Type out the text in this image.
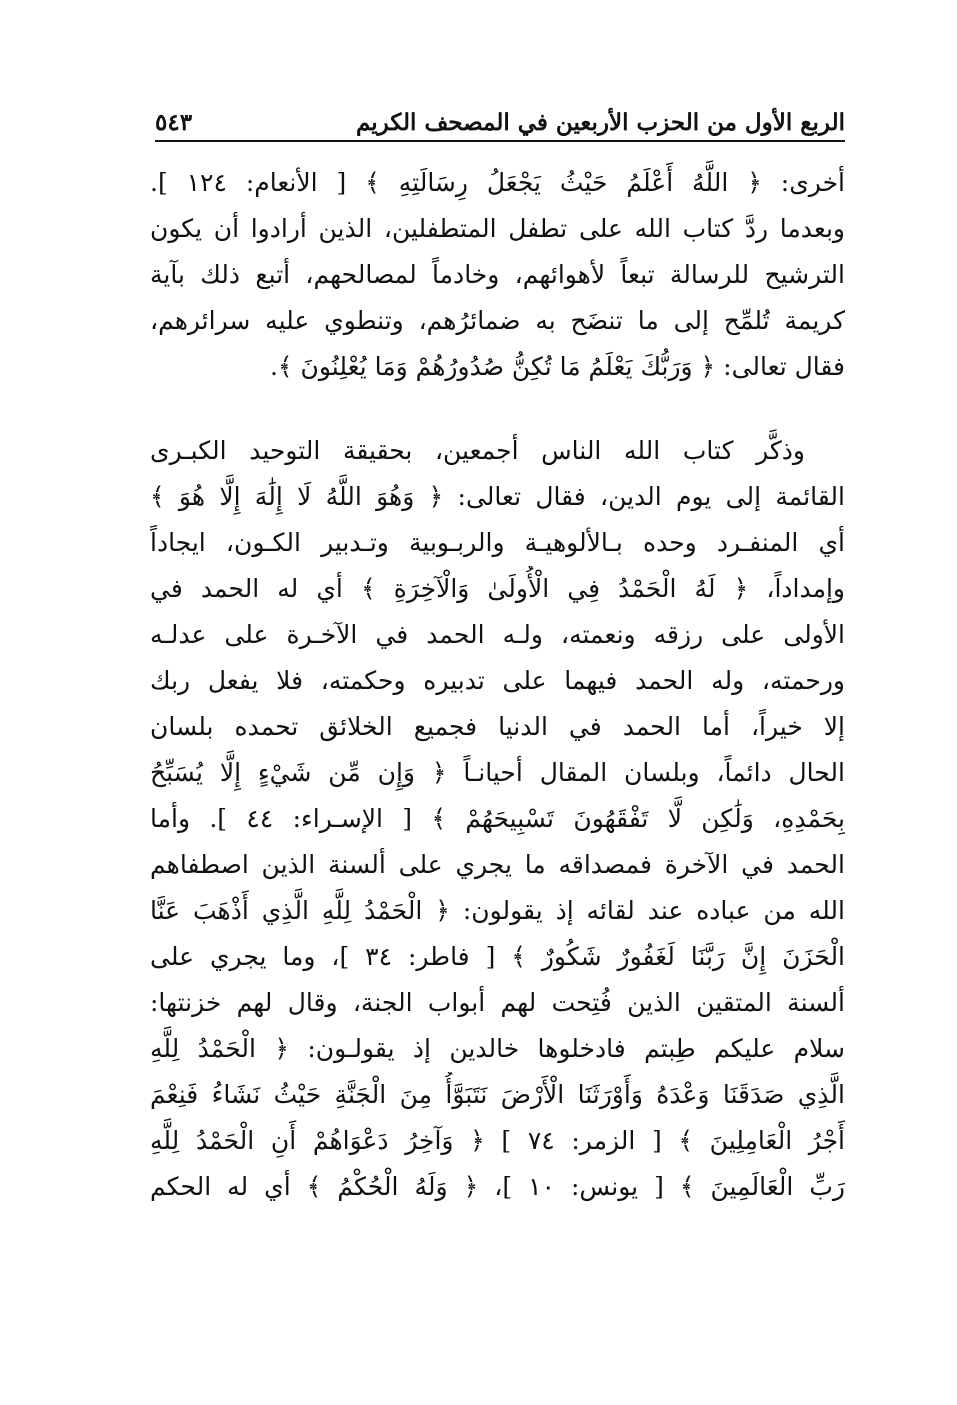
الربع الأول من الحزب الأربعين في المصحف الكريم
٥٤٣
أخرى: ﴿ اللَّهُ أَعْلَمُ حَيْثُ يَجْعَلُ رِسَالَتِهِ ﴾ [ الأنعام: ١٢٤ ].
وبعدما ردَّ كتاب الله على تطفل المتطفلين، الذين أرادوا أن يكون
الترشيح للرسالة تبعاً لأهوائهم، وخادماً لمصالحهم، أتبع ذلك بآية
كريمة تُلمِّح إلى ما تنضَح به ضمائرُهم، وتنطوي عليه سرائرهم،
فقال تعالى: ﴿ وَرَبُّكَ يَعْلَمُ مَا تُكِنُّ صُدُورُهُمْ وَمَا يُعْلِنُونَ ﴾.
وذكَّر كتاب الله الناس أجمعين، بحقيقة التوحيد الكبـرى
القائمة إلى يوم الدين، فقال تعالى: ﴿ وَهُوَ اللَّهُ لَا إِلَٰهَ إِلَّا هُوَ ﴾
أي المنفـرد وحده بـالألوهيـة والربـوبية وتـدبير الكـون، ايجاداً
وإمداداً، ﴿ لَهُ الْحَمْدُ فِي الْأُولَىٰ وَالْآخِرَةِ ﴾ أي له الحمد في
الأولى على رزقه ونعمته، ولـه الحمد في الآخـرة على عدلـه
ورحمته، وله الحمد فيهما على تدبيره وحكمته، فلا يفعل ربك
إلا خيراً، أما الحمد في الدنيا فجميع الخلائق تحمده بلسان
الحال دائماً، وبلسان المقال أحيانـاً ﴿ وَإِن مِّن شَيْءٍ إِلَّا يُسَبِّحُ
بِحَمْدِهِ، وَلَٰكِن لَّا تَفْقَهُونَ تَسْبِيحَهُمْ ﴾ [ الإسـراء: ٤٤ ]. وأما
الحمد في الآخرة فمصداقه ما يجري على ألسنة الذين اصطفاهم
الله من عباده عند لقائه إذ يقولون: ﴿ الْحَمْدُ لِلَّهِ الَّذِي أَذْهَبَ عَنَّا
الْحَزَنَ إِنَّ رَبَّنَا لَغَفُورٌ شَكُورٌ ﴾ [ فاطر: ٣٤ ]، وما يجري على
ألسنة المتقين الذين فُتِحت لهم أبواب الجنة، وقال لهم خزنتها:
سلام عليكم طِبتم فادخلوها خالدين إذ يقولـون: ﴿ الْحَمْدُ لِلَّهِ
الَّذِي صَدَقَنَا وَعْدَهُ وَأَوْرَثَنَا الْأَرْضَ نَتَبَوَّأُ مِنَ الْجَنَّةِ حَيْثُ نَشَاءُ فَنِعْمَ
أَجْرُ الْعَامِلِينَ ﴾ [ الزمر: ٧٤ ] ﴿ وَآخِرُ دَعْوَاهُمْ أَنِ الْحَمْدُ لِلَّهِ
رَبِّ الْعَالَمِينَ ﴾ [ يونس: ١٠ ]، ﴿ وَلَهُ الْحُكْمُ ﴾ أي له الحكم
